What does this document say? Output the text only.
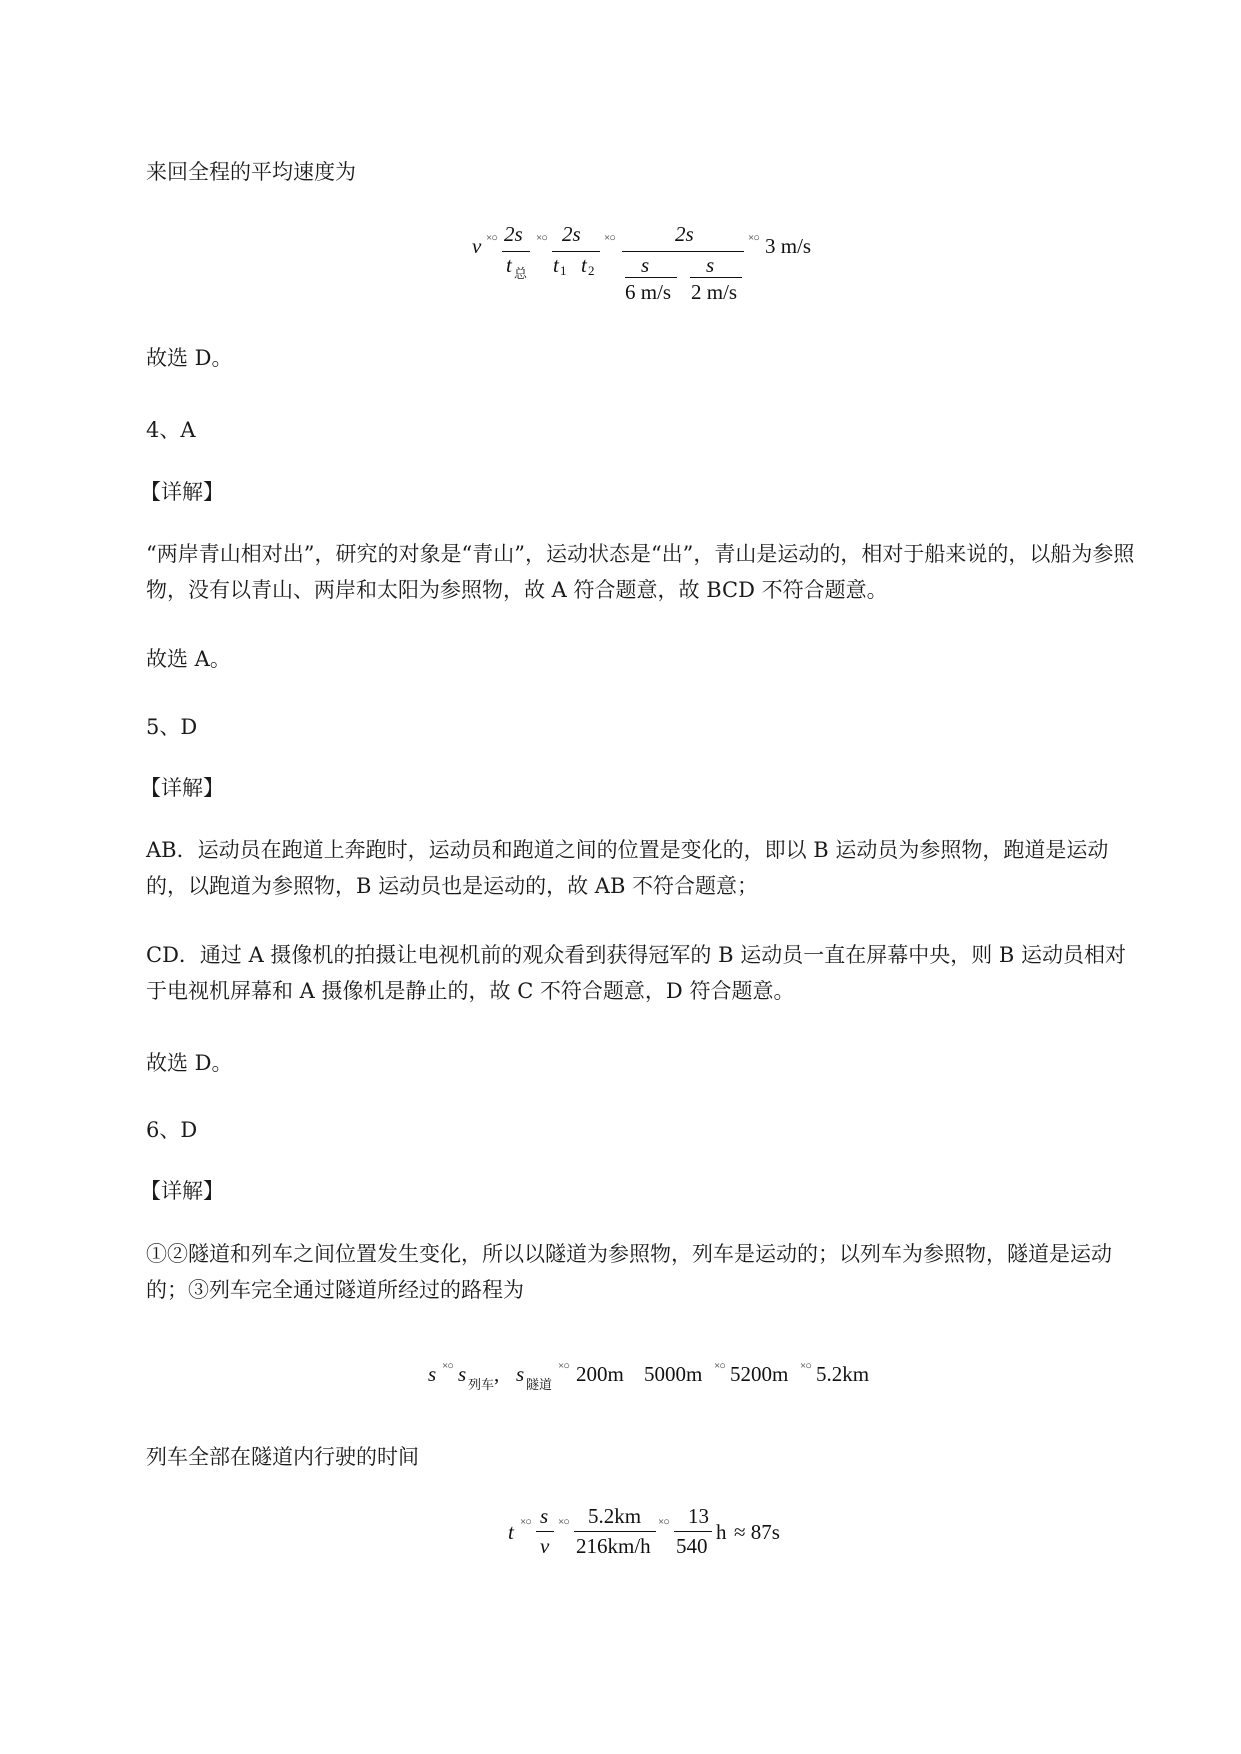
来回全程的平均速度为

v ×○ 2s
t 总
×○ 2s
t 1 t 2
×○	2s
s
6 m/s
s
2 m/s
×○ 3 m/s

故选 D。

4、A

【详解】

“两岸青山相对出”，研究的对象是“青山”，运动状态是“出”，青山是运动的，相对于船来说的，以船为参照物，没有以青山、两岸和太阳为参照物，故 A 符合题意，故 BCD 不符合题意。

故选 A。

5、D

【详解】

AB．运动员在跑道上奔跑时，运动员和跑道之间的位置是变化的，即以 B 运动员为参照物，跑道是运动的，以跑道为参照物，B 运动员也是运动的，故 AB 不符合题意；

CD．通过 A 摄像机的拍摄让电视机前的观众看到获得冠军的 B 运动员一直在屏幕中央，则 B 运动员相对于电视机屏幕和 A 摄像机是静止的，故 C 不符合题意，D 符合题意。

故选 D。

6、D

【详解】

①②隧道和列车之间位置发生变化，所以以隧道为参照物，列车是运动的；以列车为参照物，隧道是运动的；③列车完全通过隧道所经过的路程为

s ×○ s 列车 , s 隧道
×○ 200m 5000m ×○ 5200m ×○ 5.2km

列车全部在隧道内行驶的时间

t ×○ s
v
×○ 5.2km
216km/h
×○ 13
540
h ≈ 87s
